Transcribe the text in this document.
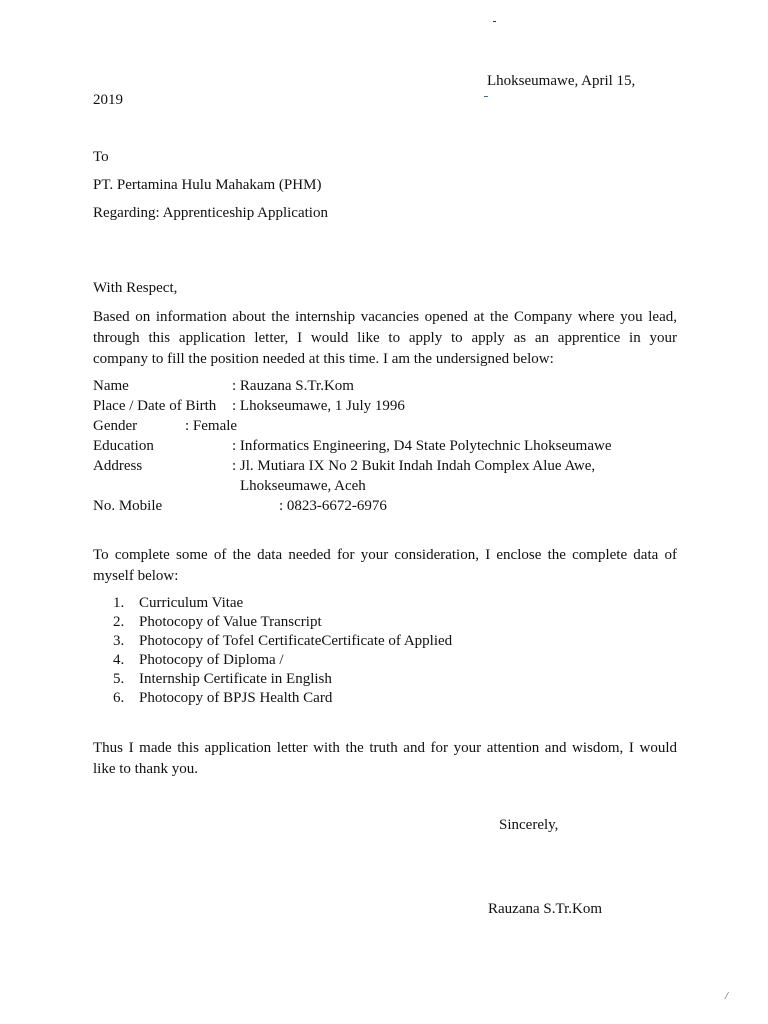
Lhokseumawe, April 15,
2019
To
PT. Pertamina Hulu Mahakam (PHM)
Regarding: Apprenticeship Application
With Respect,
Based on information about the internship vacancies opened at the Company where you lead,
through this application letter, I would like to apply to apply as an apprentice in your
company to fill the position needed at this time. I am the undersigned below:
Name	: Rauzana S.Tr.Kom
Place / Date of Birth : Lhokseumawe, 1 July 1996
Gender	: Female
Education	: Informatics Engineering, D4 State Polytechnic Lhokseumawe
Address	: Jl. Mutiara IX No 2 Bukit Indah Indah Complex Alue Awe,
Lhokseumawe, Aceh
No. Mobile	: 0823-6672-6976
To complete some of the data needed for your consideration, I enclose the complete data of
myself below:
1. Curriculum Vitae
2. Photocopy of Value Transcript
3. Photocopy of Tofel CertificateCertificate of Applied
4. Photocopy of Diploma /
5. Internship Certificate in English
6. Photocopy of BPJS Health Card
Thus I made this application letter with the truth and for your attention and wisdom, I would
like to thank you.
Sincerely,
Rauzana S.Tr.Kom
/
